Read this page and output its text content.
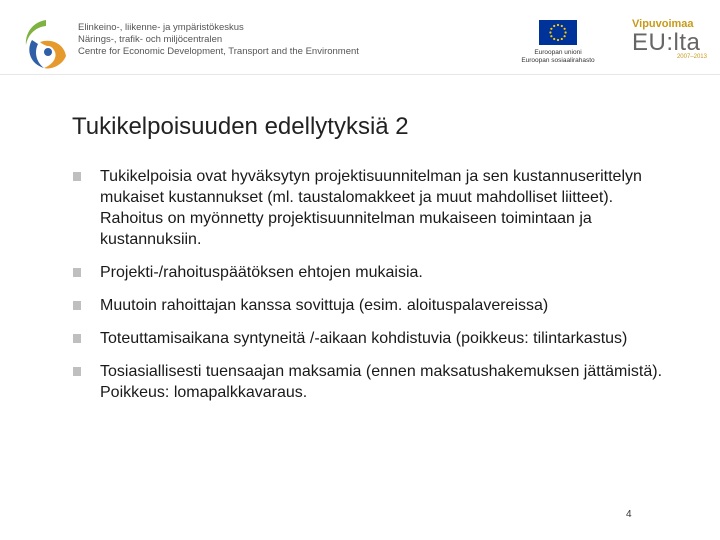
Elinkeino-, liikenne- ja ympäristökeskus
Närings-, trafik- och miljöcentralen
Centre for Economic Development, Transport and the Environment	Euroopan unioni
Euroopan sosiaalirahasto
Vipuvoimaa
EU:lta
2007–2013
Tukikelpoisuuden edellytyksiä 2
Tukikelpoisia ovat hyväksytyn projektisuunnitelman ja sen kustannuserittelyn mukaiset kustannukset (ml. taustalomakkeet ja muut mahdolliset liitteet). Rahoitus on myönnetty projektisuunnitelman mukaiseen toimintaan ja kustannuksiin.
Projekti-/rahoituspäätöksen ehtojen mukaisia.
Muutoin rahoittajan kanssa sovittuja (esim. aloituspalavereissa)
Toteuttamisaikana syntyneitä /-aikaan kohdistuvia (poikkeus: tilintarkastus)
Tosiasiallisesti tuensaajan maksamia (ennen maksatushakemuksen jättämistä). Poikkeus: lomapalkkavaraus.
4
